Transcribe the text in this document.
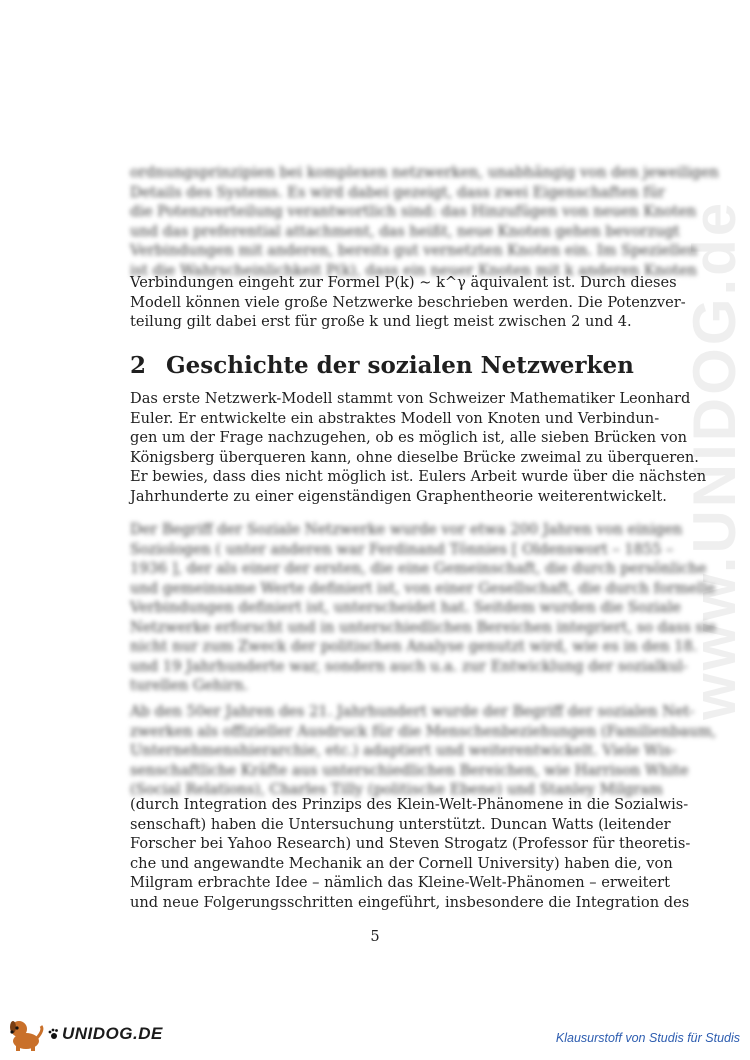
www.UNIDOG.de
ordnungsprinzipien bei komplexen netzwerken, unabhängig von den jeweiligen
Details des Systems. Es wird dabei gezeigt, dass zwei Eigenschaften für
die Potenzverteilung verantwortlich sind: das Hinzufügen von neuen Knoten
und das preferential attachment, das heißt, neue Knoten gehen bevorzugt
Verbindungen mit anderen, bereits gut vernetzten Knoten ein. Im Speziellen
ist die Wahrscheinlichkeit P(k), dass ein neuer Knoten mit k anderen Knoten
Verbindungen eingeht zur Formel P(k) ∼ k^γ äquivalent ist. Durch dieses
Modell können viele große Netzwerke beschrieben werden. Die Potenzver-
teilung gilt dabei erst für große k und liegt meist zwischen 2 und 4.
2 Geschichte der sozialen Netzwerken
Das erste Netzwerk-Modell stammt von Schweizer Mathematiker Leonhard
Euler. Er entwickelte ein abstraktes Modell von Knoten und Verbindun-
gen um der Frage nachzugehen, ob es möglich ist, alle sieben Brücken von
Königsberg überqueren kann, ohne dieselbe Brücke zweimal zu überqueren.
Er bewies, dass dies nicht möglich ist. Eulers Arbeit wurde über die nächsten
Jahrhunderte zu einer eigenständigen Graphentheorie weiterentwickelt.
Der Begriff der Soziale Netzwerke wurde vor etwa 200 Jahren von einigen
Soziologen ( unter anderen war Ferdinand Tönnies [ Oldenswort – 1855 –
1936 ], der als einer der ersten, die eine Gemeinschaft, die durch persönliche
und gemeinsame Werte definiert ist, von einer Gesellschaft, die durch formelle
Verbindungen definiert ist, unterscheidet hat. Seitdem wurden die Soziale
Netzwerke erforscht und in unterschiedlichen Bereichen integriert, so dass sie
nicht nur zum Zweck der politischen Analyse genutzt wird, wie es in den 18.
und 19 Jahrhunderte war, sondern auch u.a. zur Entwicklung der sozialkul-
turellen Gehirn.
Ab den 50er Jahren des 21. Jahrhundert wurde der Begriff der sozialen Net-
zwerken als offizieller Ausdruck für die Menschenbeziehungen (Familienbaum,
Unternehmenshierarchie, etc.) adaptiert und weiterentwickelt. Viele Wis-
senschaftliche Kräfte aus unterschiedlichen Bereichen, wie Harrison White
(Social Relations), Charles Tilly (politische Ebene) und Stanley Milgram
(durch Integration des Prinzips des Klein-Welt-Phänomene in die Sozialwis-
senschaft) haben die Untersuchung unterstützt. Duncan Watts (leitender
Forscher bei Yahoo Research) und Steven Strogatz (Professor für theoretis-
che und angewandte Mechanik an der Cornell University) haben die, von
Milgram erbrachte Idee – nämlich das Kleine-Welt-Phänomen – erweitert
und neue Folgerungsschritten eingeführt, insbesondere die Integration des
5
UNIDOG.DE	Klausurstoff von Studis für Studis
